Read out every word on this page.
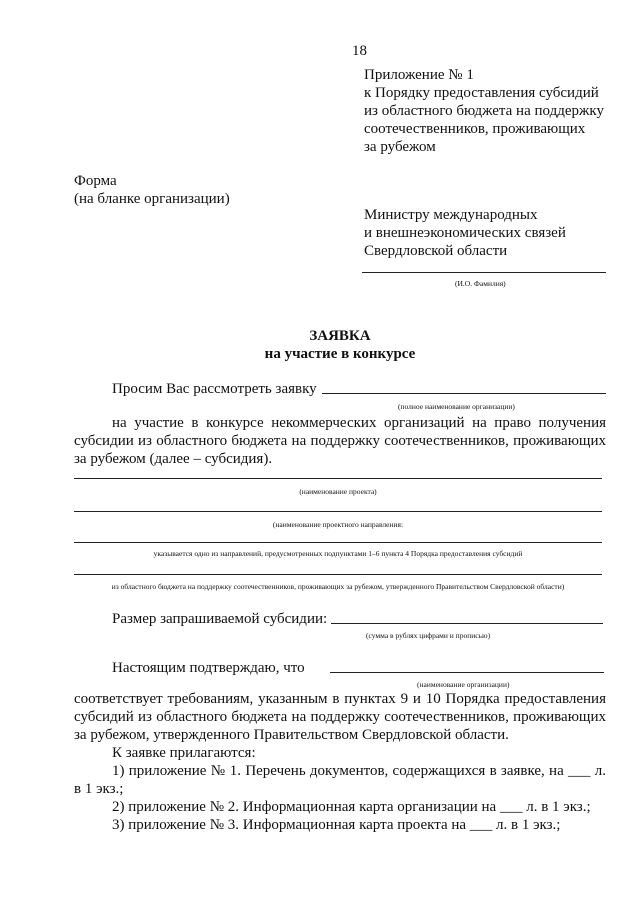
18
Приложение № 1
к Порядку предоставления субсидий
из областного бюджета на поддержку
соотечественников, проживающих
за рубежом
Форма
(на бланке организации)
Министру международных
и внешнеэкономических связей
Свердловской области
(И.О. Фамилия)
ЗАЯВКА
на участие в конкурсе
Просим Вас рассмотреть заявку
(полное наименование организации)
на участие в конкурсе некоммерческих организаций на право получения
субсидии из областного бюджета на поддержку соотечественников, проживающих
за рубежом (далее – субсидия).
(наименование проекта)
(наименование проектного направления:
указывается одно из направлений, предусмотренных подпунктами 1–6 пункта 4 Порядка предоставления субсидий
из областного бюджета на поддержку соотечественников, проживающих за рубежом, утвержденного Правительством Свердловской области)
Размер запрашиваемой субсидии:
(сумма в рублях цифрами и прописью)
Настоящим подтверждаю, что
(наименование организации)
соответствует требованиям, указанным в пунктах 9 и 10 Порядка предоставления
субсидий из областного бюджета на поддержку соотечественников, проживающих
за рубежом, утвержденного Правительством Свердловской области.
К заявке прилагаются:
1) приложение № 1. Перечень документов, содержащихся в заявке, на ___ л.
в 1 экз.;
2) приложение № 2. Информационная карта организации на ___ л. в 1 экз.;
3) приложение № 3. Информационная карта проекта на ___ л. в 1 экз.;
